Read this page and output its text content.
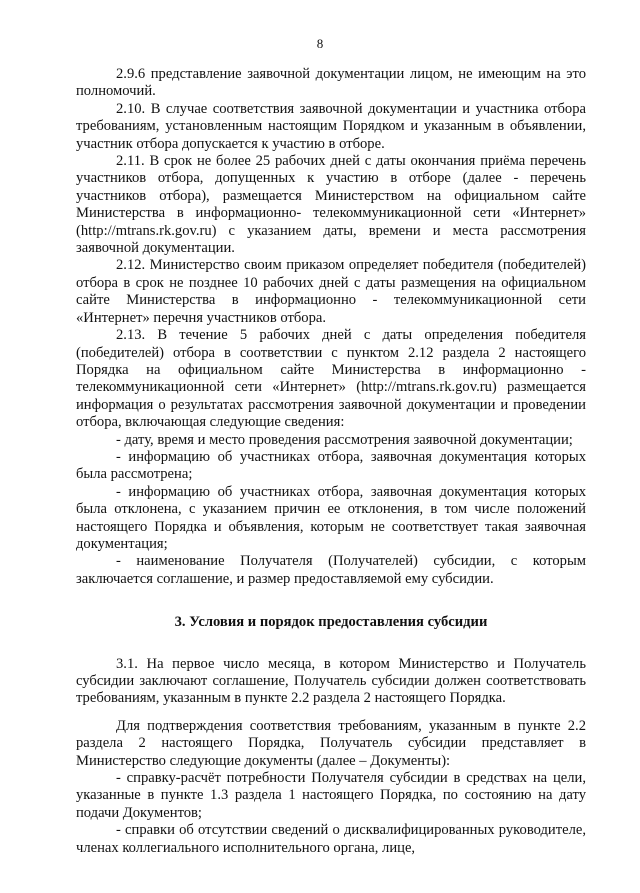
8

2.9.6 представление заявочной документации лицом, не имеющим на это полномочий.

2.10. В случае соответствия заявочной документации и участника отбора требованиям, установленным настоящим Порядком и указанным в объявлении, участник отбора допускается к участию в отборе.

2.11. В срок не более 25 рабочих дней с даты окончания приёма перечень участников отбора, допущенных к участию в отборе (далее - перечень участников отбора), размещается Министерством на официальном сайте Министерства в информационно- телекоммуникационной сети «Интернет» (http://mtrans.rk.gov.ru) с указанием даты, времени и места рассмотрения заявочной документации.

2.12. Министерство своим приказом определяет победителя (победителей) отбора в срок не позднее 10 рабочих дней с даты размещения на официальном сайте Министерства в информационно - телекоммуникационной сети «Интернет» перечня участников отбора.

2.13. В течение 5 рабочих дней с даты определения победителя (победителей) отбора в соответствии с пунктом 2.12 раздела 2 настоящего Порядка на официальном сайте Министерства в информационно - телекоммуникационной сети «Интернет» (http://mtrans.rk.gov.ru) размещается информация о результатах рассмотрения заявочной документации и проведении отбора, включающая следующие сведения:

- дату, время и место проведения рассмотрения заявочной документации;

- информацию об участниках отбора, заявочная документация которых была рассмотрена;

- информацию об участниках отбора, заявочная документация которых была отклонена, с указанием причин ее отклонения, в том числе положений настоящего Порядка и объявления, которым не соответствует такая заявочная документация;

- наименование Получателя (Получателей) субсидии, с которым заключается соглашение, и размер предоставляемой ему субсидии.

3. Условия и порядок предоставления субсидии

3.1. На первое число месяца, в котором Министерство и Получатель субсидии заключают соглашение, Получатель субсидии должен соответствовать требованиям, указанным в пункте 2.2 раздела 2 настоящего Порядка.

Для подтверждения соответствия требованиям, указанным в пункте 2.2 раздела 2 настоящего Порядка, Получатель субсидии представляет в Министерство следующие документы (далее – Документы):

- справку-расчёт потребности Получателя субсидии в средствах на цели, указанные в пункте 1.3 раздела 1 настоящего Порядка, по состоянию на дату подачи Документов;

- справки об отсутствии сведений о дисквалифицированных руководителе, членах коллегиального исполнительного органа, лице,
